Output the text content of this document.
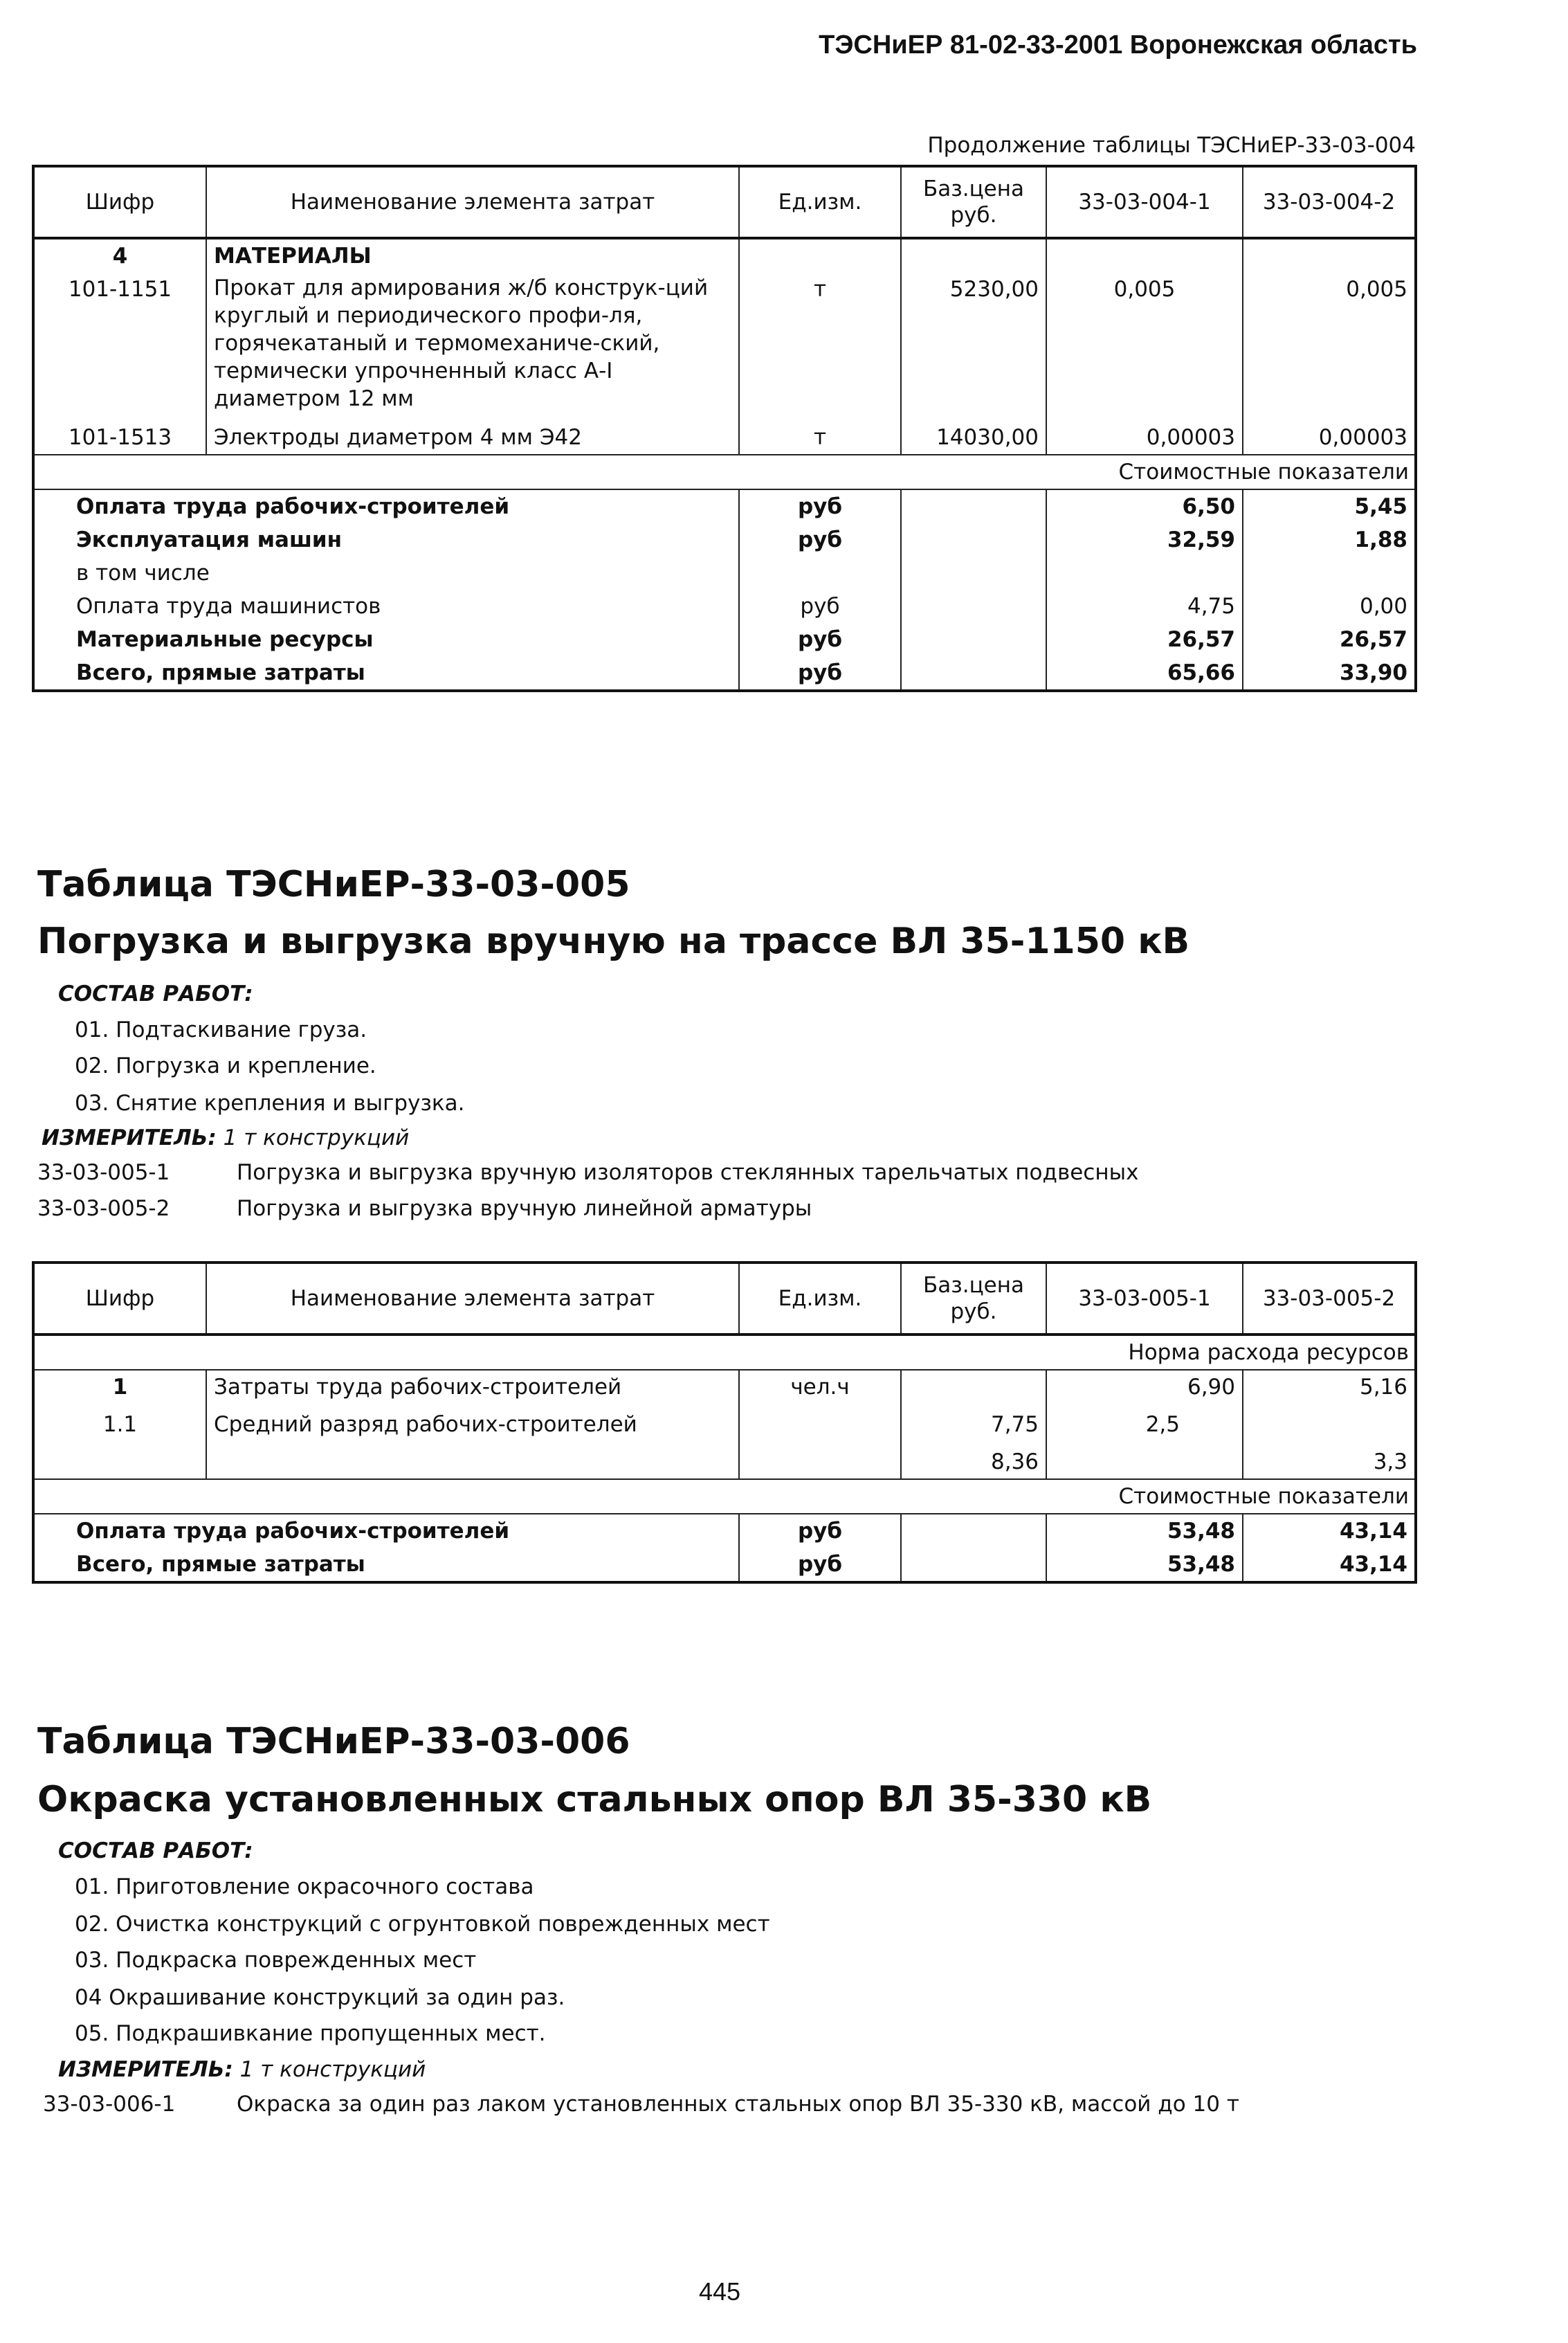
ТЭСНиЕР 81-02-33-2001 Воронежская область
Продолжение таблицы ТЭСНиЕР-33-03-004
Шифр	Наименование элемента затрат	Ед.изм.	Баз.цена руб.	33-03-004-1	33-03-004-2
4	МАТЕРИАЛЫ				
101-1151	Прокат для армирования ж/б конструк-ций круглый и периодического профи-ля, горячекатаный и термомеханиче-ский, термически упрочненный класс А-I диаметром 12 мм	т	5230,00	0,005	0,005
101-1513	Электроды диаметром 4 мм Э42	т	14030,00	0,00003	0,00003
Стоимостные показатели					
Оплата труда рабочих-строителей		руб		6,50	5,45
Эксплуатация машин		руб		32,59	1,88
в том числе					
Оплата труда машинистов		руб		4,75	0,00
Материальные ресурсы		руб		26,57	26,57
Всего, прямые затраты		руб		65,66	33,90
Таблица ТЭСНиЕР-33-03-005
Погрузка и выгрузка вручную на трассе ВЛ 35-1150 кВ
СОСТАВ РАБОТ:
01. Подтаскивание груза.
02. Погрузка и крепление.
03. Снятие крепления и выгрузка.
ИЗМЕРИТЕЛЬ: 1 т конструкций
33-03-005-1	Погрузка и выгрузка вручную изоляторов стеклянных тарельчатых подвесных
33-03-005-2	Погрузка и выгрузка вручную линейной арматуры
Шифр	Наименование элемента затрат	Ед.изм.	Баз.цена руб.	33-03-005-1	33-03-005-2
Норма расхода ресурсов					
1	Затраты труда рабочих-строителей	чел.ч		6,90	5,16
1.1	Средний разряд рабочих-строителей		7,75	2,5	
			8,36		3,3
Стоимостные показатели					
Оплата труда рабочих-строителей		руб		53,48	43,14
Всего, прямые затраты		руб		53,48	43,14
Таблица ТЭСНиЕР-33-03-006
Окраска установленных стальных опор ВЛ 35-330 кВ
СОСТАВ РАБОТ:
01. Приготовление окрасочного состава
02. Очистка конструкций с огрунтовкой поврежденных мест
03. Подкраска поврежденных мест
04 Окрашивание конструкций за один раз.
05. Подкрашивкание пропущенных мест.
ИЗМЕРИТЕЛЬ: 1 т конструкций
33-03-006-1	Окраска за один раз лаком установленных стальных опор ВЛ 35-330 кВ, массой до 10 т
445
